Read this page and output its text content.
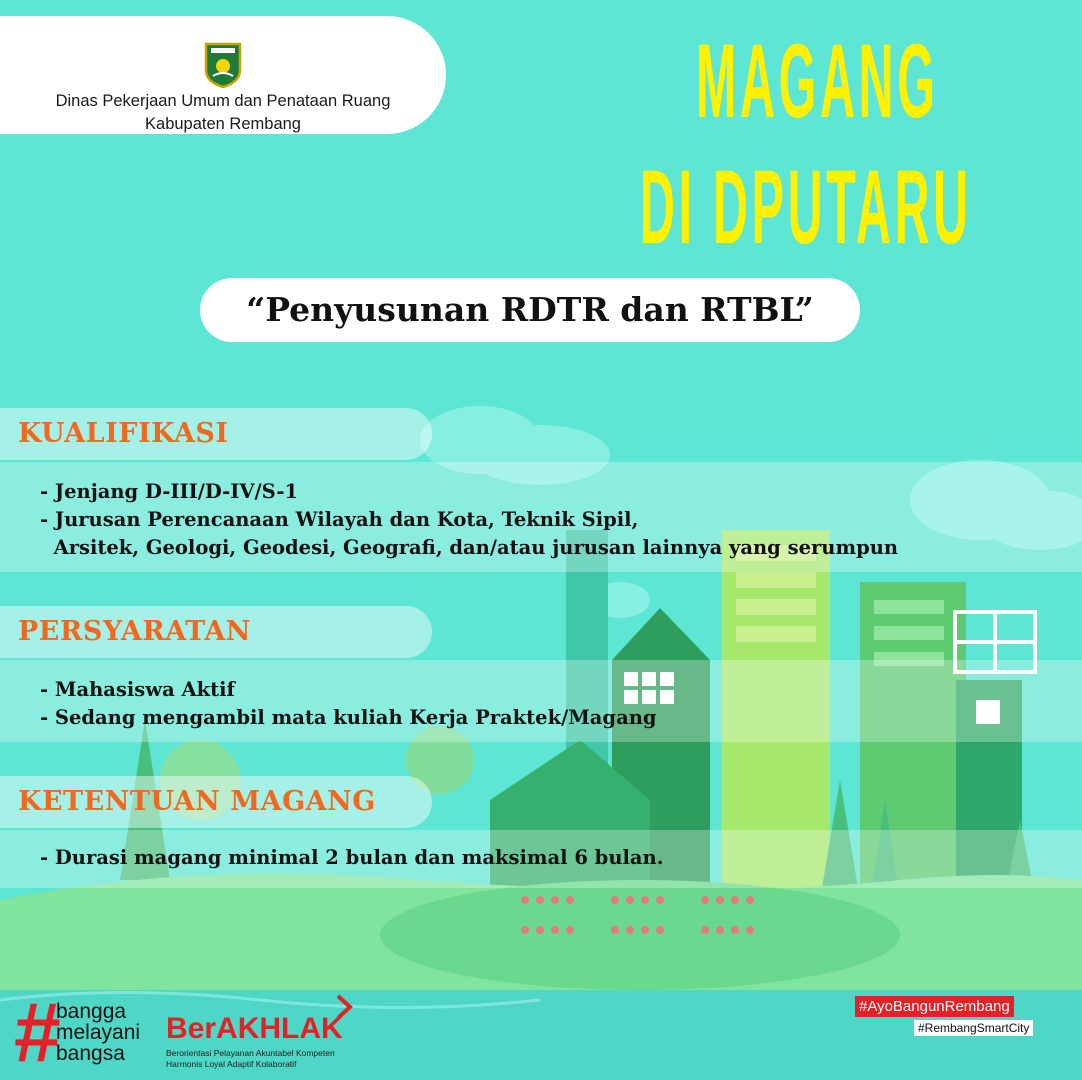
Dinas Pekerjaan Umum dan Penataan Ruang
Kabupaten Rembang	MAGANG
DI DPUTARU
“Penyusunan RDTR dan RTBL”
KUALIFIKASI
- Jenjang D-III/D-IV/S-1
- Jurusan Perencanaan Wilayah dan Kota, Teknik Sipil,
Arsitek, Geologi, Geodesi, Geografi, dan/atau jurusan lainnya yang serumpun
PERSYARATAN
- Mahasiswa Aktif
- Sedang mengambil mata kuliah Kerja Praktek/Magang
KETENTUAN MAGANG
- Durasi magang minimal 2 bulan dan maksimal 6 bulan.
#
bangga
melayani
bangsa
BerAKHLAK
Berorientasi Pelayanan Akuntabel Kompeten
Harmonis Loyal Adaptif Kolaboratif
#AyoBangunRembang
#RembangSmartCity
